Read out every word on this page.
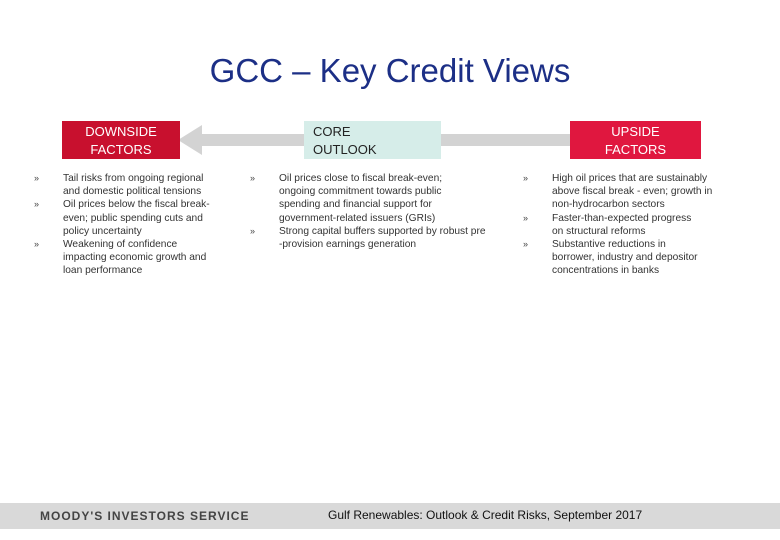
GCC – Key Credit Views
DOWNSIDE
FACTORS
CORE
OUTLOOK
UPSIDE
FACTORS
» Tail risks from ongoing regional
and domestic political tensions
» Oil prices below the fiscal break-
even; public spending cuts and
policy uncertainty
» Weakening of confidence
impacting economic growth and
loan performance
» Oil prices close to fiscal break-even;
ongoing commitment towards public
spending and financial support for
government-related issuers (GRIs)
» Strong capital buffers supported by robust pre
-provision earnings generation
» High oil prices that are sustainably
above fiscal break - even; growth in
non-hydrocarbon sectors
» Faster-than-expected progress
on structural reforms
» Substantive reductions in
borrower, industry and depositor
concentrations in banks
MOODY'S INVESTORS SERVICE	Gulf Renewables: Outlook & Credit Risks, September 2017
